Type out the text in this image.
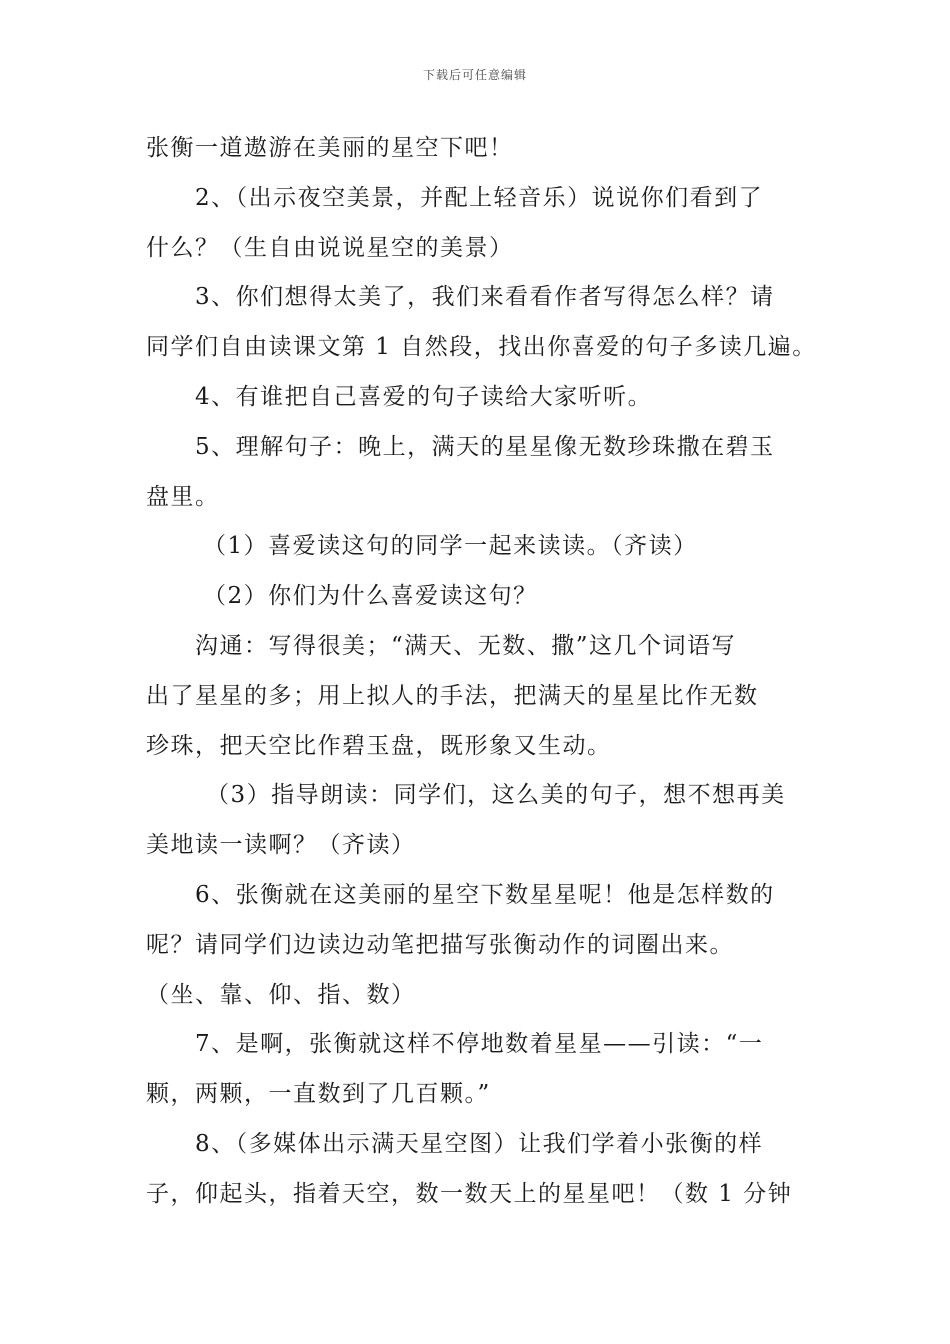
下载后可任意编辑
张衡一道遨游在美丽的星空下吧！
2、（出示夜空美景，并配上轻音乐）说说你们看到了
什么？（生自由说说星空的美景）
3、你们想得太美了，我们来看看作者写得怎么样？请
同学们自由读课文第 1 自然段，找出你喜爱的句子多读几遍。
4、有谁把自己喜爱的句子读给大家听听。
5、理解句子：晚上，满天的星星像无数珍珠撒在碧玉
盘里。
（1）喜爱读这句的同学一起来读读。（齐读）
（2）你们为什么喜爱读这句？
沟通：写得很美；“满天、无数、撒”这几个词语写
出了星星的多；用上拟人的手法，把满天的星星比作无数
珍珠，把天空比作碧玉盘，既形象又生动。
（3）指导朗读：同学们，这么美的句子，想不想再美
美地读一读啊？（齐读）
6、张衡就在这美丽的星空下数星星呢！他是怎样数的
呢？请同学们边读边动笔把描写张衡动作的词圈出来。
（坐、靠、仰、指、数）
7、是啊，张衡就这样不停地数着星星——引读：“一
颗，两颗，一直数到了几百颗。”
8、（多媒体出示满天星空图）让我们学着小张衡的样
子，仰起头，指着天空，数一数天上的星星吧！（数 1 分钟
